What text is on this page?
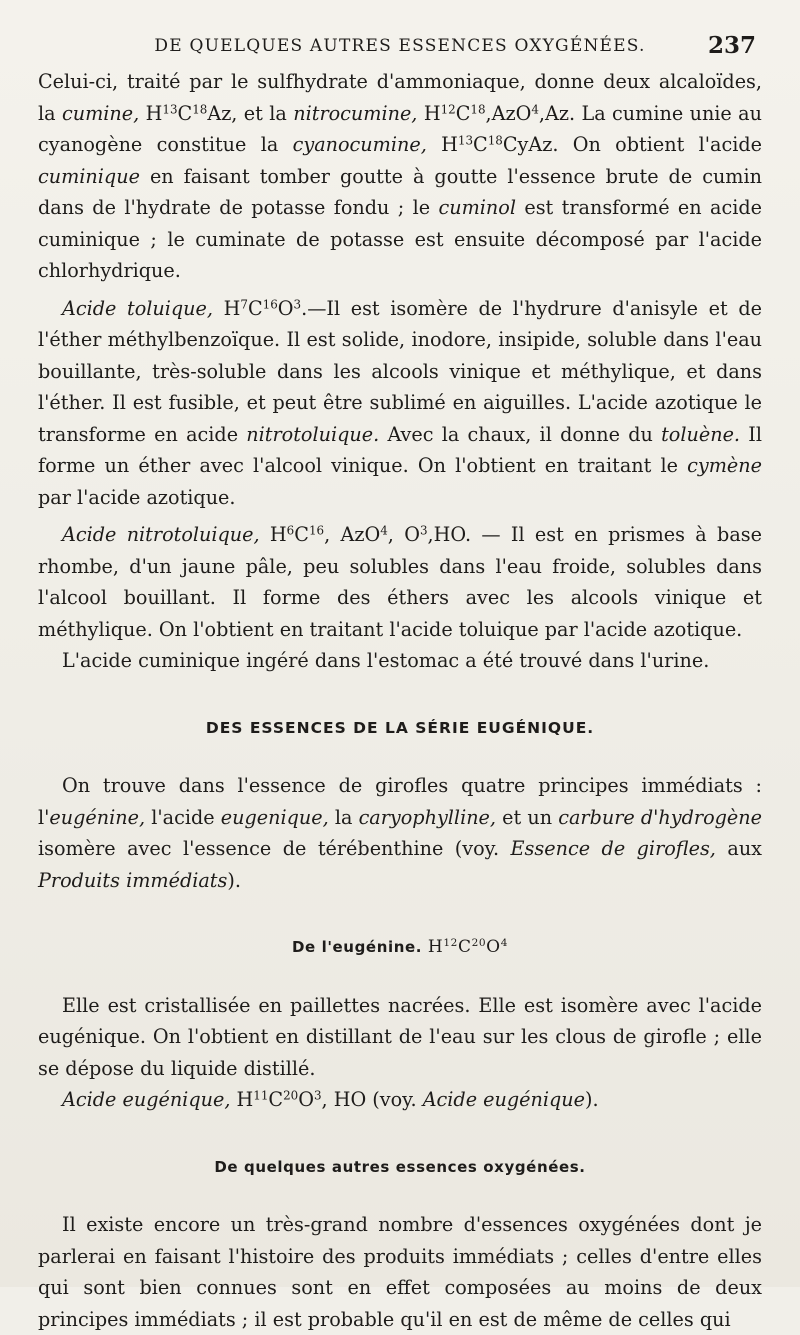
DE QUELQUES AUTRES ESSENCES OXYGÉNÉES.	237

Celui-ci, traité par le sulfhydrate d'ammoniaque, donne deux alcaloïdes, la cumine, $H^{13}C^{18}Az$, et la nitrocumine, $H^{12}C^{18},AzO^4,Az$. La cumine unie au cyanogène constitue la cyanocumine, $H^{13}C^{18}CyAz$. On obtient l'acide cuminique en faisant tomber goutte à goutte l'essence brute de cumin dans de l'hydrate de potasse fondu ; le cuminol est transformé en acide cuminique ; le cuminate de potasse est ensuite décomposé par l'acide chlorhydrique.

Acide toluique, $H^7C^{16}O^3.—Il$ est isomère de l'hydrure d'anisyle et de l'éther méthylbenzoïque. Il est solide, inodore, insipide, soluble dans l'eau bouillante, très-soluble dans les alcools vinique et méthylique, et dans l'éther. Il est fusible, et peut être sublimé en aiguilles. L'acide azotique le transforme en acide nitrotoluique. Avec la chaux, il donne du toluène. Il forme un éther avec l'alcool vinique. On l'obtient en traitant le cymène par l'acide azotique.

Acide nitrotoluique, $H^6C^{16}$, AzO$^4$, $O^3,HO$. — Il est en prismes à base rhombe, d'un jaune pâle, peu solubles dans l'eau froide, solubles dans l'alcool bouillant. Il forme des éthers avec les alcools vinique et méthylique. On l'obtient en traitant l'acide toluique par l'acide azotique.

L'acide cuminique ingéré dans l'estomac a été trouvé dans l'urine.

DES ESSENCES DE LA SÉRIE EUGÉNIQUE.

On trouve dans l'essence de girofles quatre principes immédiats : l'eugénine, l'acide eugenique, la caryophylline, et un carbure d'hydrogène isomère avec l'essence de térébenthine (voy. Essence de girofles, aux Produits immédiats).

De l'eugénine. $H^{12}C^{20}O^4$

Elle est cristallisée en paillettes nacrées. Elle est isomère avec l'acide eugénique. On l'obtient en distillant de l'eau sur les clous de girofle ; elle se dépose du liquide distillé.

Acide eugénique, $H^{11}C^{20}O^3$, HO (voy. Acide eugénique).

De quelques autres essences oxygénées.

Il existe encore un très-grand nombre d'essences oxygénées dont je parlerai en faisant l'histoire des produits immédiats ; celles d'entre elles qui sont bien connues sont en effet composées au moins de deux principes immédiats ; il est probable qu'il en est de même de celles qui
